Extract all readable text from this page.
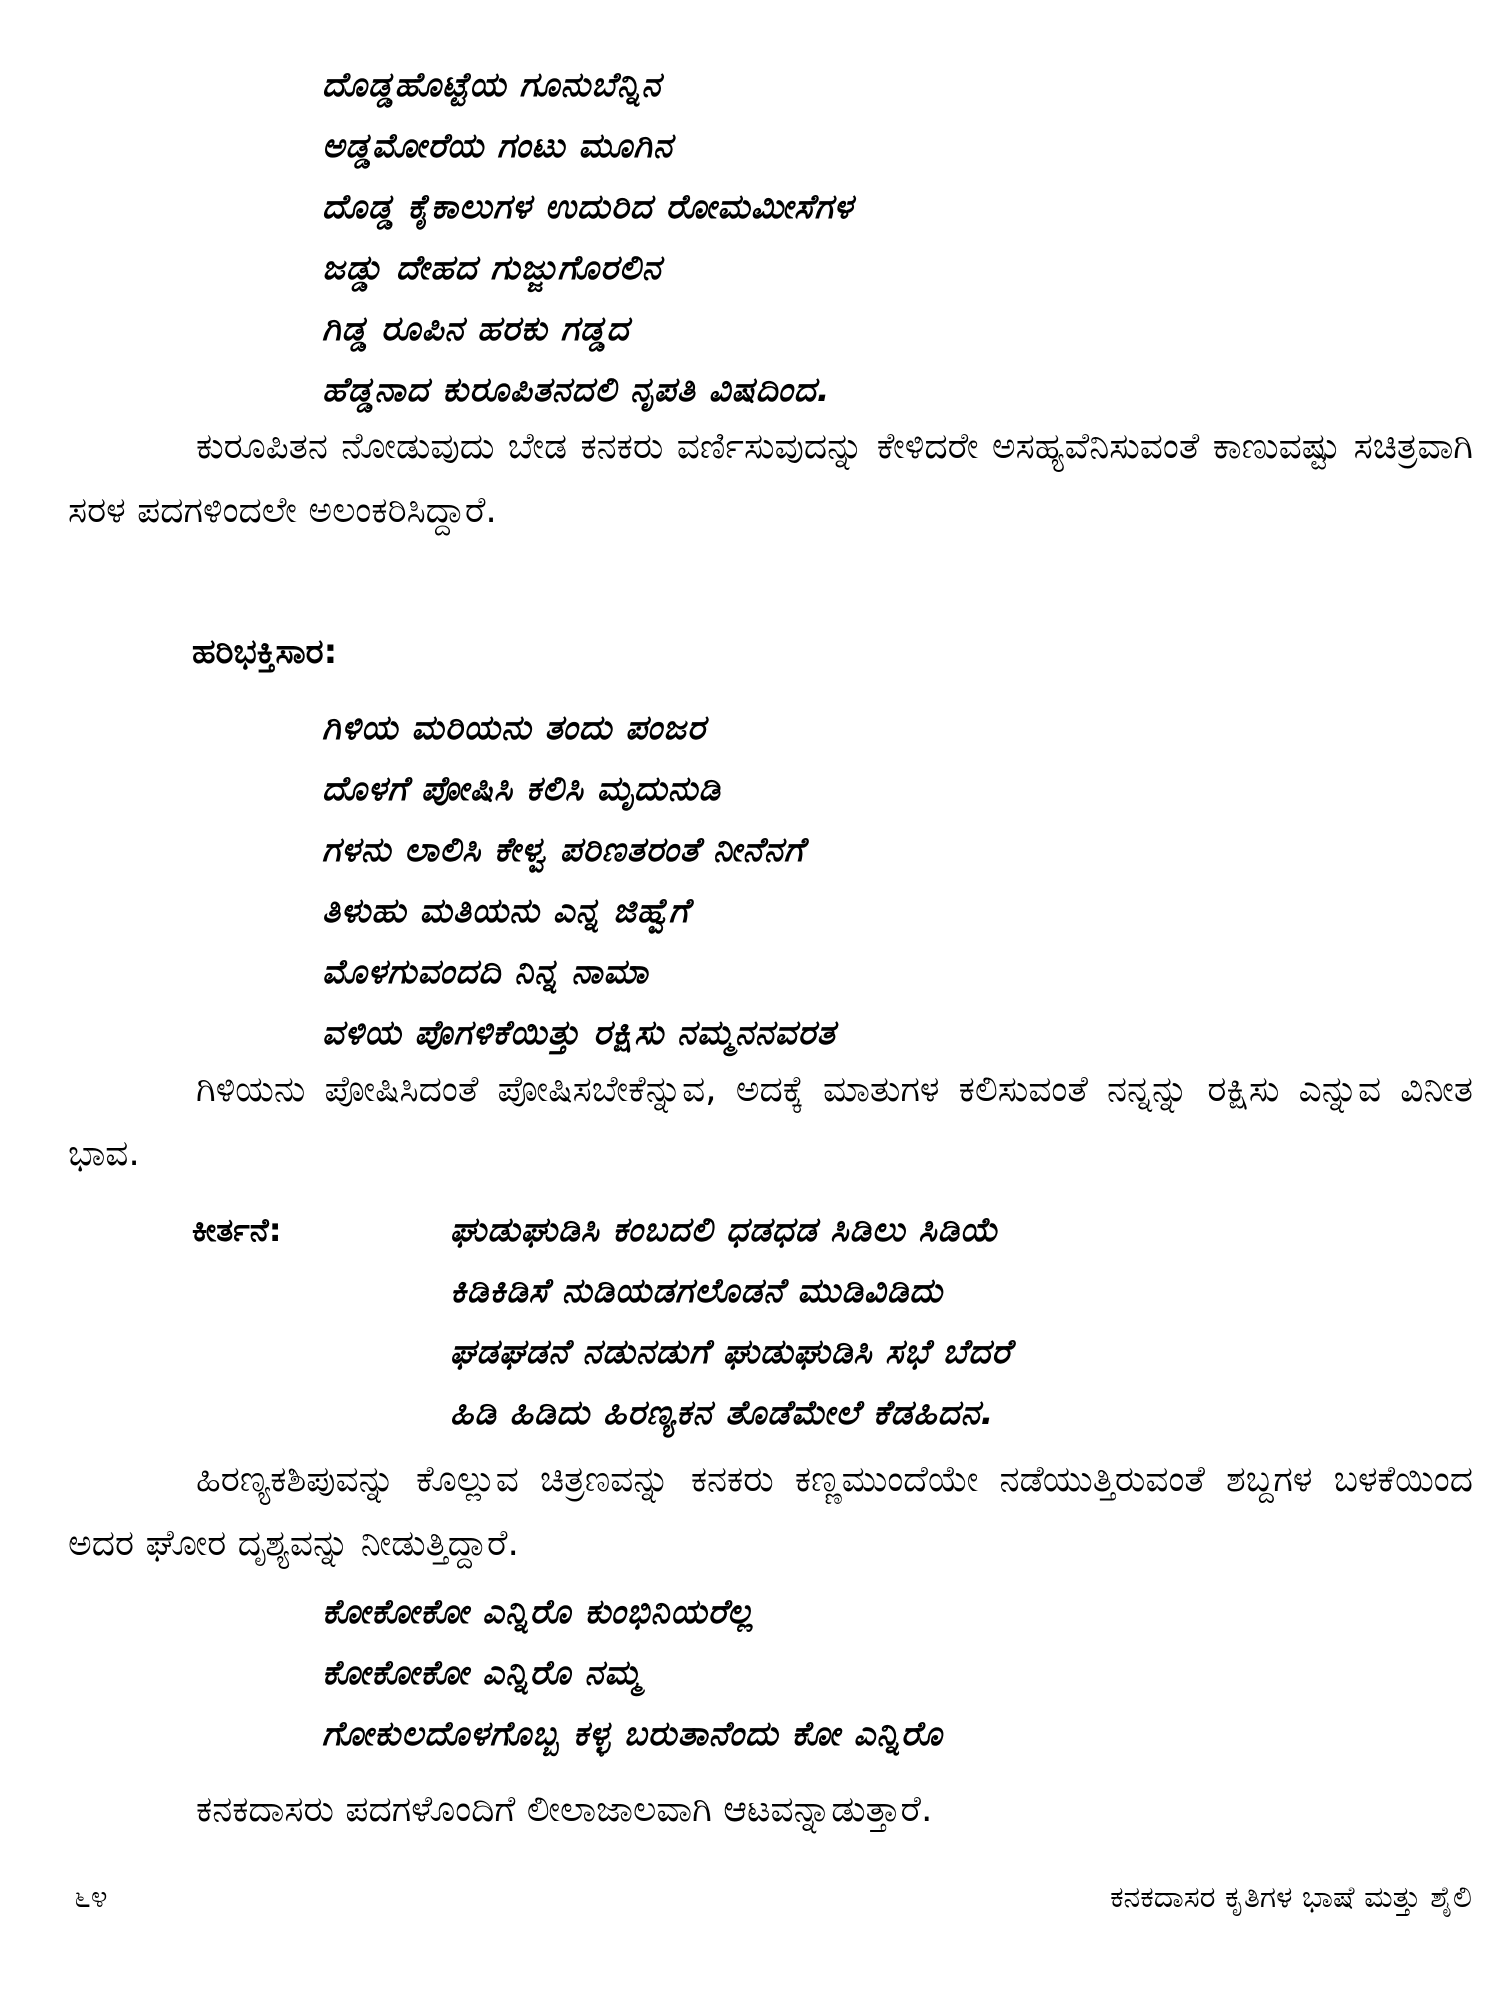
ದೊಡ್ಡಹೊಟ್ಟೆಯ ಗೂನುಬೆನ್ನಿನ
ಅಡ್ಡಮೋರೆಯ ಗಂಟು ಮೂಗಿನ
ದೊಡ್ಡ ಕೈಕಾಲುಗಳ ಉದುರಿದ ರೋಮಮೀಸೆಗಳ
ಜಡ್ಡು ದೇಹದ ಗುಜ್ಜುಗೊರಲಿನ
ಗಿಡ್ಡ ರೂಪಿನ ಹರಕು ಗಡ್ಡದ
ಹೆಡ್ಡನಾದ ಕುರೂಪಿತನದಲಿ ನೃಪತಿ ವಿಷದಿಂದ.
ಕುರೂಪಿತನ ನೋಡುವುದು ಬೇಡ ಕನಕರು ವರ್ಣಿಸುವುದನ್ನು ಕೇಳಿದರೇ ಅಸಹ್ಯವೆನಿಸುವಂತೆ ಕಾಣುವಷ್ಟು ಸಚಿತ್ರವಾಗಿ ಸರಳ ಪದಗಳಿಂದಲೇ ಅಲಂಕರಿಸಿದ್ದಾರೆ.
ಹರಿಭಕ್ತಿಸಾರ:
ಗಿಳಿಯ ಮರಿಯನು ತಂದು ಪಂಜರ
ದೊಳಗೆ ಪೋಷಿಸಿ ಕಲಿಸಿ ಮೃದುನುಡಿ
ಗಳನು ಲಾಲಿಸಿ ಕೇಳ್ವ ಪರಿಣತರಂತೆ ನೀನೆನಗೆ
ತಿಳುಹು ಮತಿಯನು ಎನ್ನ ಜಿಹ್ವೆಗೆ
ಮೊಳಗುವಂದದಿ ನಿನ್ನ ನಾಮಾ
ವಳಿಯ ಪೊಗಳಿಕೆಯಿತ್ತು ರಕ್ಷಿಸು ನಮ್ಮನನವರತ
ಗಿಳಿಯನು ಪೋಷಿಸಿದಂತೆ ಪೋಷಿಸಬೇಕೆನ್ನುವ, ಅದಕ್ಕೆ ಮಾತುಗಳ ಕಲಿಸುವಂತೆ ನನ್ನನ್ನು ರಕ್ಷಿಸು ಎನ್ನುವ ವಿನೀತ ಭಾವ.
ಕೀರ್ತನೆ:	ಘುಡುಘುಡಿಸಿ ಕಂಬದಲಿ ಧಡಧಡ ಸಿಡಿಲು ಸಿಡಿಯೆ
ಕಿಡಿಕಿಡಿಸೆ ನುಡಿಯಡಗಲೊಡನೆ ಮುಡಿವಿಡಿದು
ಘಡಘಡನೆ ನಡುನಡುಗೆ ಘುಡುಘುಡಿಸಿ ಸಭೆ ಬೆದರೆ
ಹಿಡಿ ಹಿಡಿದು ಹಿರಣ್ಯಕನ ತೊಡೆಮೇಲೆ ಕೆಡಹಿದನ.
ಹಿರಣ್ಯಕಶಿಪುವನ್ನು ಕೊಲ್ಲುವ ಚಿತ್ರಣವನ್ನು ಕನಕರು ಕಣ್ಣಮುಂದೆಯೇ ನಡೆಯುತ್ತಿರುವಂತೆ ಶಬ್ದಗಳ ಬಳಕೆಯಿಂದ ಅದರ ಘೋರ ದೃಶ್ಯವನ್ನು ನೀಡುತ್ತಿದ್ದಾರೆ.
ಕೋಕೋಕೋ ಎನ್ನಿರೊ ಕುಂಭಿನಿಯರೆಲ್ಲ
ಕೋಕೋಕೋ ಎನ್ನಿರೊ ನಮ್ಮ
ಗೋಕುಲದೊಳಗೊಬ್ಬ ಕಳ್ಳ ಬರುತಾನೆಂದು ಕೋ ಎನ್ನಿರೊ
ಕನಕದಾಸರು ಪದಗಳೊಂದಿಗೆ ಲೀಲಾಜಾಲವಾಗಿ ಆಟವನ್ನಾಡುತ್ತಾರೆ.
೬೪	ಕನಕದಾಸರ ಕೃತಿಗಳ ಭಾಷೆ ಮತ್ತು ಶೈಲಿ
